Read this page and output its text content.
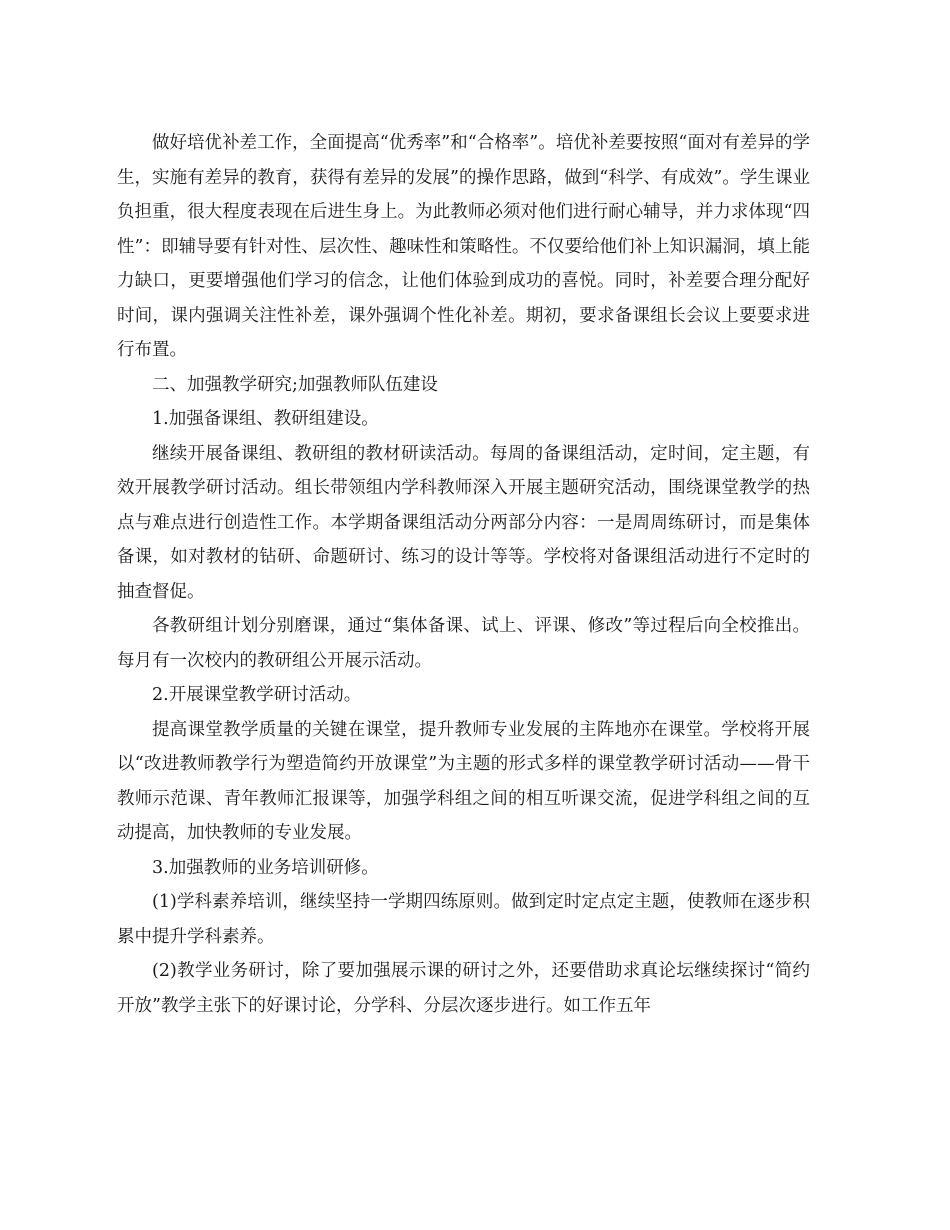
做好培优补差工作，全面提高“优秀率”和“合格率”。培优补差要按照“面对有差异的学生，实施有差异的教育，获得有差异的发展”的操作思路，做到“科学、有成效”。学生课业负担重，很大程度表现在后进生身上。为此教师必须对他们进行耐心辅导，并力求体现“四性”：即辅导要有针对性、层次性、趣味性和策略性。不仅要给他们补上知识漏洞，填上能力缺口，更要增强他们学习的信念，让他们体验到成功的喜悦。同时，补差要合理分配好时间，课内强调关注性补差，课外强调个性化补差。期初，要求备课组长会议上要要求进行布置。

二、加强教学研究;加强教师队伍建设

1.加强备课组、教研组建设。

继续开展备课组、教研组的教材研读活动。每周的备课组活动，定时间，定主题，有效开展教学研讨活动。组长带领组内学科教师深入开展主题研究活动，围绕课堂教学的热点与难点进行创造性工作。本学期备课组活动分两部分内容：一是周周练研讨，而是集体备课，如对教材的钻研、命题研讨、练习的设计等等。学校将对备课组活动进行不定时的抽查督促。

各教研组计划分别磨课，通过“集体备课、试上、评课、修改”等过程后向全校推出。每月有一次校内的教研组公开展示活动。

2.开展课堂教学研讨活动。

提高课堂教学质量的关键在课堂，提升教师专业发展的主阵地亦在课堂。学校将开展以“改进教师教学行为塑造简约开放课堂”为主题的形式多样的课堂教学研讨活动——骨干教师示范课、青年教师汇报课等，加强学科组之间的相互听课交流，促进学科组之间的互动提高，加快教师的专业发展。

3.加强教师的业务培训研修。

(1)学科素养培训，继续坚持一学期四练原则。做到定时定点定主题，使教师在逐步积累中提升学科素养。

(2)教学业务研讨，除了要加强展示课的研讨之外，还要借助求真论坛继续探讨“简约开放”教学主张下的好课讨论，分学科、分层次逐步进行。如工作五年
